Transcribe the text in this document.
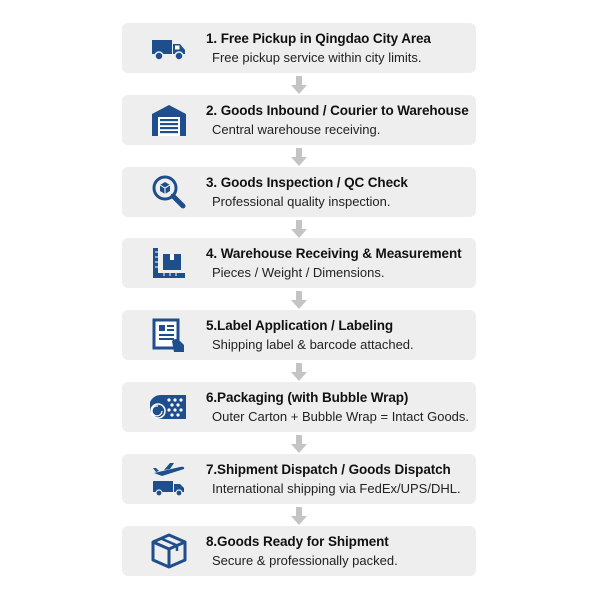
1. Free Pickup in Qingdao City Area
Free pickup service within city limits.
2. Goods Inbound / Courier to Warehouse
Central warehouse receiving.
3. Goods Inspection / QC Check
Professional quality inspection.
4. Warehouse Receiving & Measurement
Pieces / Weight / Dimensions.
5.Label Application / Labeling
Shipping label & barcode attached.
6.Packaging (with Bubble Wrap)
Outer Carton + Bubble Wrap = Intact Goods.
7.Shipment Dispatch / Goods Dispatch
International shipping via FedEx/UPS/DHL.
8.Goods Ready for Shipment
Secure & professionally packed.
